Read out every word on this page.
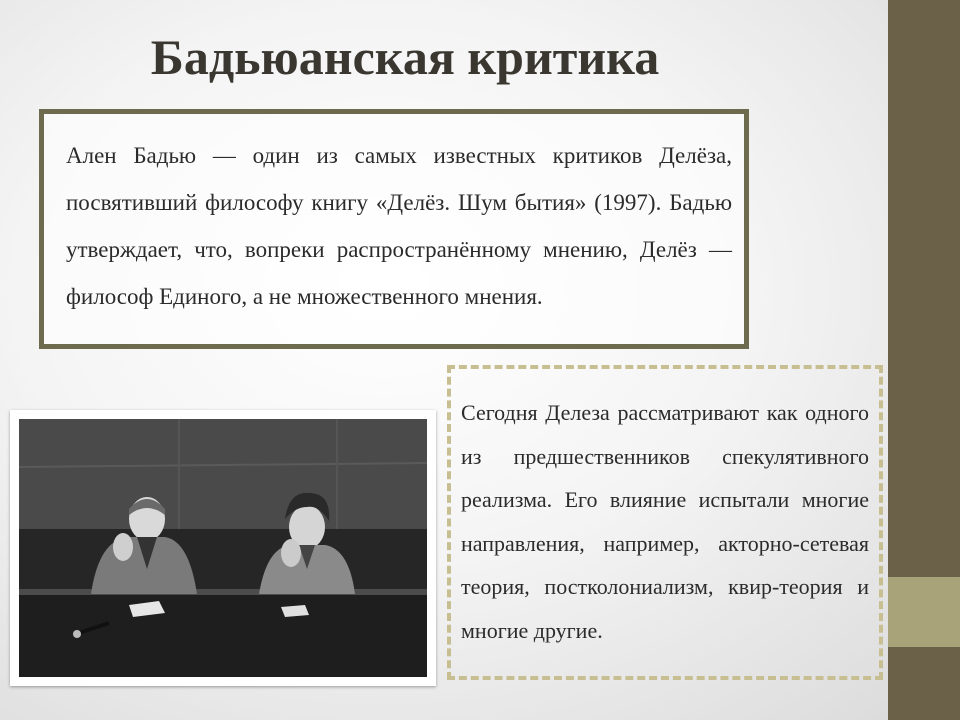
Бадьюанская критика

Ален Бадью — один из самых известных критиков Делёза, посвятивший философу книгу «Делёз. Шум бытия» (1997). Бадью утверждает, что, вопреки распространённому мнению, Делёз — философ Единого, а не множественного мнения.

Сегодня Делеза рассматривают как одного из предшественников спекулятивного реализма. Его влияние испытали многие направления, например, акторно-сетевая теория, постколониализм, квир-теория и многие другие.
